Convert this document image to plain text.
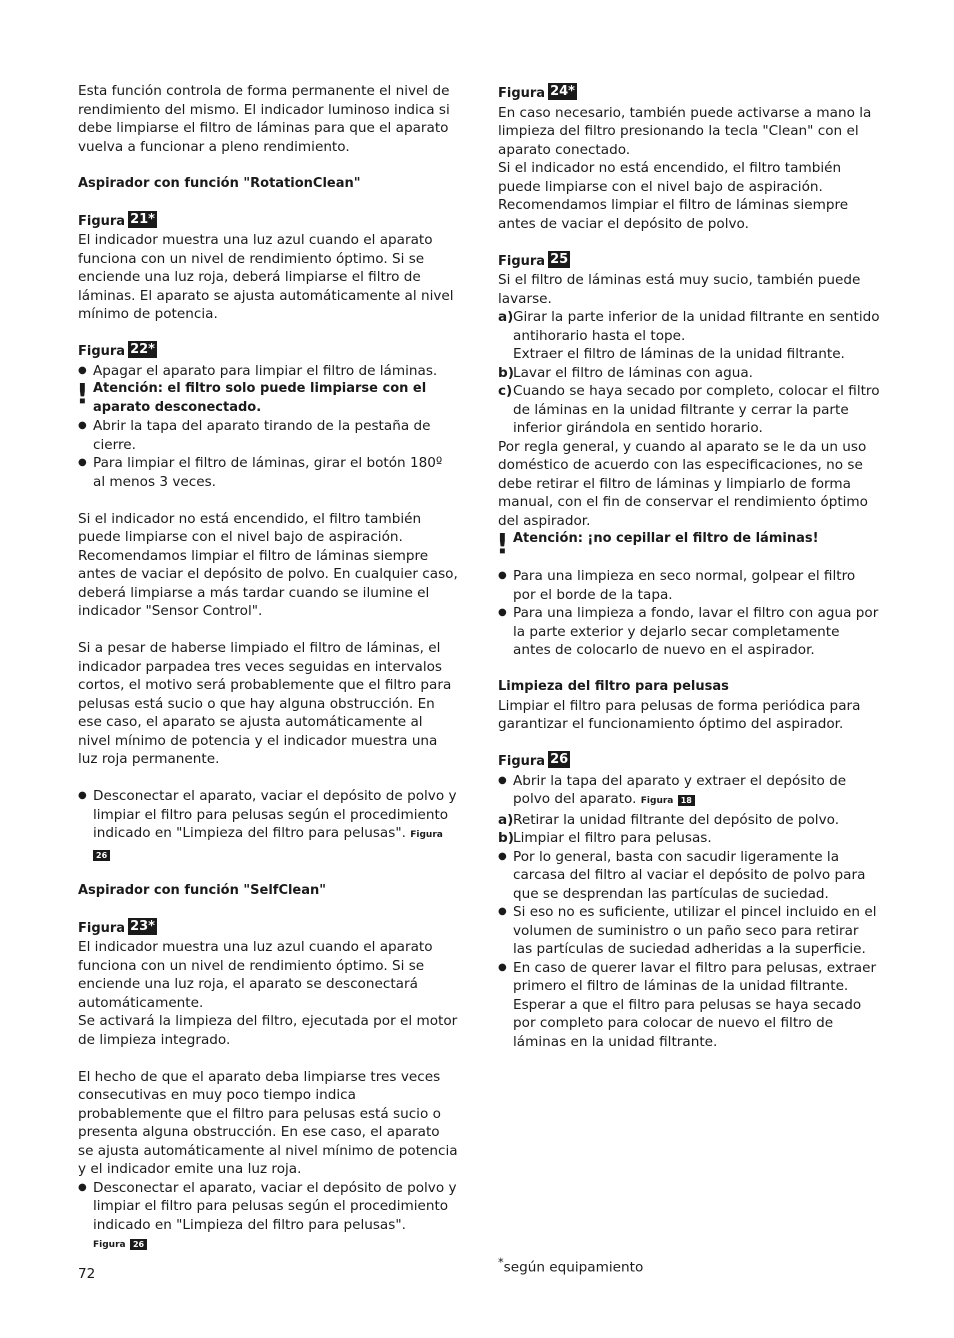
Esta función controla de forma permanente el nivel de rendimiento del mismo. El indicador luminoso indica si debe limpiarse el filtro de láminas para que el aparato vuelva a funcionar a pleno rendimiento.

Aspirador con función "RotationClean"

Figura 21*

El indicador muestra una luz azul cuando el aparato funciona con un nivel de rendimiento óptimo. Si se enciende una luz roja, deberá limpiarse el filtro de láminas. El aparato se ajusta automáticamente al nivel mínimo de potencia.

Figura 22*

● Apagar el aparato para limpiar el filtro de láminas.
! Atención: el filtro solo puede limpiarse con el aparato desconectado.
● Abrir la tapa del aparato tirando de la pestaña de cierre.
● Para limpiar el filtro de láminas, girar el botón 180º al menos 3 veces.

Si el indicador no está encendido, el filtro también puede limpiarse con el nivel bajo de aspiración. Recomendamos limpiar el filtro de láminas siempre antes de vaciar el depósito de polvo. En cualquier caso, deberá limpiarse a más tardar cuando se ilumine el indicador "Sensor Control".

Si a pesar de haberse limpiado el filtro de láminas, el indicador parpadea tres veces seguidas en intervalos cortos, el motivo será probablemente que el filtro para pelusas está sucio o que hay alguna obstrucción. En ese caso, el aparato se ajusta automáticamente al nivel mínimo de potencia y el indicador muestra una luz roja permanente.

● Desconectar el aparato, vaciar el depósito de polvo y limpiar el filtro para pelusas según el procedimiento indicado en "Limpieza del filtro para pelusas". Figura
26

Aspirador con función "SelfClean"

Figura 23*

El indicador muestra una luz azul cuando el aparato funciona con un nivel de rendimiento óptimo. Si se enciende una luz roja, el aparato se desconectará automáticamente.

Se activará la limpieza del filtro, ejecutada por el motor de limpieza integrado.

El hecho de que el aparato deba limpiarse tres veces consecutivas en muy poco tiempo indica probablemente que el filtro para pelusas está sucio o presenta alguna obstrucción. En ese caso, el aparato se ajusta automáticamente al nivel mínimo de potencia y el indicador emite una luz roja.

● Desconectar el aparato, vaciar el depósito de polvo y limpiar el filtro para pelusas según el procedimiento indicado en "Limpieza del filtro para pelusas".
Figura 26

Figura 24*

En caso necesario, también puede activarse a mano la limpieza del filtro presionando la tecla "Clean" con el aparato conectado.

Si el indicador no está encendido, el filtro también puede limpiarse con el nivel bajo de aspiración. Recomendamos limpiar el filtro de láminas siempre antes de vaciar el depósito de polvo.

Figura 25

Si el filtro de láminas está muy sucio, también puede lavarse.

a) Girar la parte inferior de la unidad filtrante en sentido antihorario hasta el tope.
Extraer el filtro de láminas de la unidad filtrante.
b) Lavar el filtro de láminas con agua.
c) Cuando se haya secado por completo, colocar el filtro de láminas en la unidad filtrante y cerrar la parte inferior girándola en sentido horario.

Por regla general, y cuando al aparato se le da un uso doméstico de acuerdo con las especificaciones, no se debe retirar el filtro de láminas y limpiarlo de forma manual, con el fin de conservar el rendimiento óptimo del aspirador.

! Atención: ¡no cepillar el filtro de láminas!
● Para una limpieza en seco normal, golpear el filtro por el borde de la tapa.
● Para una limpieza a fondo, lavar el filtro con agua por la parte exterior y dejarlo secar completamente antes de colocarlo de nuevo en el aspirador.

Limpieza del filtro para pelusas

Limpiar el filtro para pelusas de forma periódica para garantizar el funcionamiento óptimo del aspirador.

Figura 26

● Abrir la tapa del aparato y extraer el depósito de polvo del aparato. Figura 18
a) Retirar la unidad filtrante del depósito de polvo.
b) Limpiar el filtro para pelusas.
● Por lo general, basta con sacudir ligeramente la carcasa del filtro al vaciar el depósito de polvo para que se desprendan las partículas de suciedad.
● Si eso no es suficiente, utilizar el pincel incluido en el volumen de suministro o un paño seco para retirar las partículas de suciedad adheridas a la superficie.
● En caso de querer lavar el filtro para pelusas, extraer primero el filtro de láminas de la unidad filtrante. Esperar a que el filtro para pelusas se haya secado por completo para colocar de nuevo el filtro de láminas en la unidad filtrante.
*según equipamiento
72
